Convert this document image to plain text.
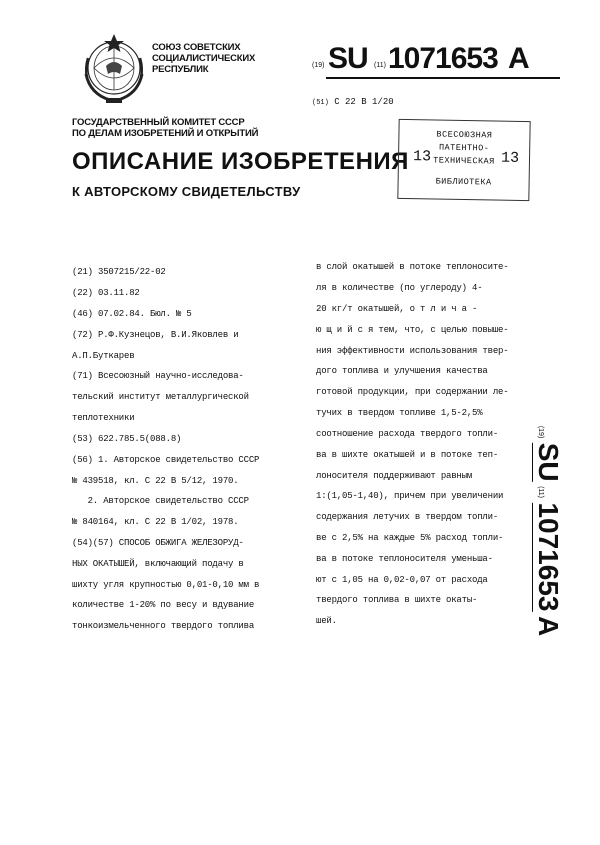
СОЮЗ СОВЕТСКИХ
СОЦИАЛИСТИЧЕСКИХ
РЕСПУБЛИК	(19) SU (11) 1071653 A
(51) С 22 В 1/20
ГОСУДАРСТВЕННЫЙ КОМИТЕТ СССР
ПО ДЕЛАМ ИЗОБРЕТЕНИЙ И ОТКРЫТИЙ
ОПИСАНИЕ ИЗОБРЕТЕНИЯ
К АВТОРСКОМУ СВИДЕТЕЛЬСТВУ
ВСЕСОЮЗНАЯ
ПАТЕНТНО-
ТЕХНИЧЕСКАЯ
БИБЛИОТЕКА
13	13

(21) 3507215/22-02

(22) 03.11.82

(46) 07.02.84. Бюл. № 5

(72) Р.Ф.Кузнецов, В.И.Яковлев и

А.П.Буткарев

(71) Всесоюзный научно-исследова-

тельский институт металлургической

теплотехники

(53) 622.785.5(088.8)

(56) 1. Авторское свидетельство СССР

№ 439518, кл. С 22 В 5/12, 1970.

2. Авторское свидетельство СССР

№ 840164, кл. С 22 В 1/02, 1978.

(54)(57) СПОСОБ ОБЖИГА ЖЕЛЕЗОРУД-

НЫХ ОКАТЫШЕЙ, включающий подачу в

шихту угля крупностью 0,01-0,10 мм в

количестве 1-20% по весу и вдувание

тонкоизмельченного твердого топлива

в слой окатышей в потоке теплоносите-

ля в количестве (по углероду) 4-

20 кг/т окатышей, о т л и ч а -

ю щ и й с я тем, что, с целью повыше-

ния эффективности использования твер-

дого топлива и улучшения качества

готовой продукции, при содержании ле-

тучих в твердом топливе 1,5-2,5%

соотношение расхода твердого топли-

ва в шихте окатышей и в потоке теп-

лоносителя поддерживают равным

1:(1,05-1,40), причем при увеличении

содержания летучих в твердом топли-

ве с 2,5% на каждые 5% расход топли-

ва в потоке теплоносителя уменьша-

ют с 1,05 на 0,02-0,07 от расхода

твердого топлива в шихте окаты-

шей.

(19) SU (11) 1071653 A
